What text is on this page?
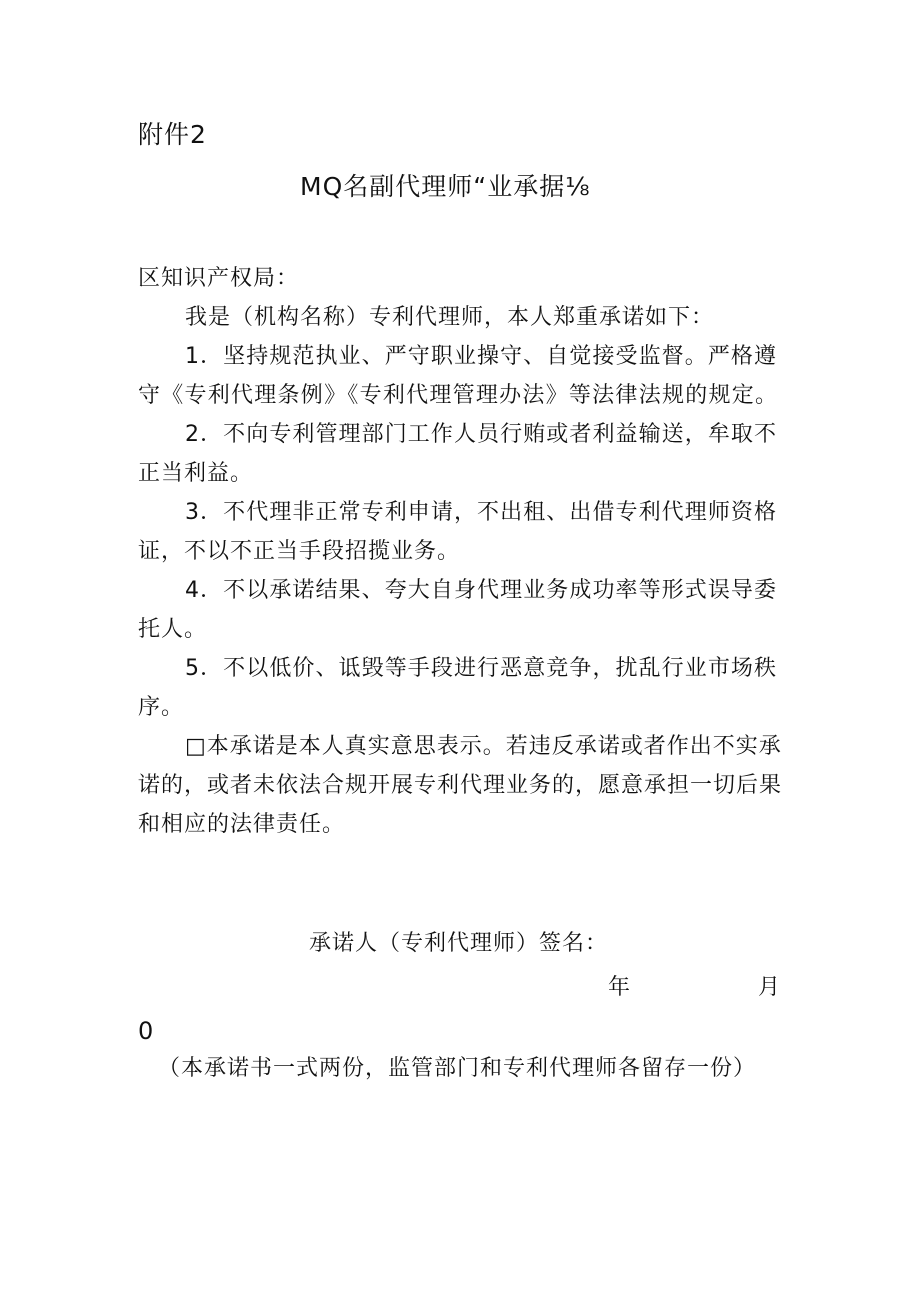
附件2
MQ名副代理师“业承据⅛
区知识产权局：
我是（机构名称）专利代理师，本人郑重承诺如下：
1．坚持规范执业、严守职业操守、自觉接受监督。严格遵
守《专利代理条例》《专利代理管理办法》等法律法规的规定。
2．不向专利管理部门工作人员行贿或者利益输送，牟取不
正当利益。
3．不代理非正常专利申请，不出租、出借专利代理师资格
证，不以不正当手段招揽业务。
4．不以承诺结果、夸大自身代理业务成功率等形式误导委
托人。
5．不以低价、诋毁等手段进行恶意竞争，扰乱行业市场秩
序。
□本承诺是本人真实意思表示。若违反承诺或者作出不实承
诺的，或者未依法合规开展专利代理业务的，愿意承担一切后果
和相应的法律责任。
承诺人（专利代理师）签名：
年	月
0
（本承诺书一式两份，监管部门和专利代理师各留存一份）
